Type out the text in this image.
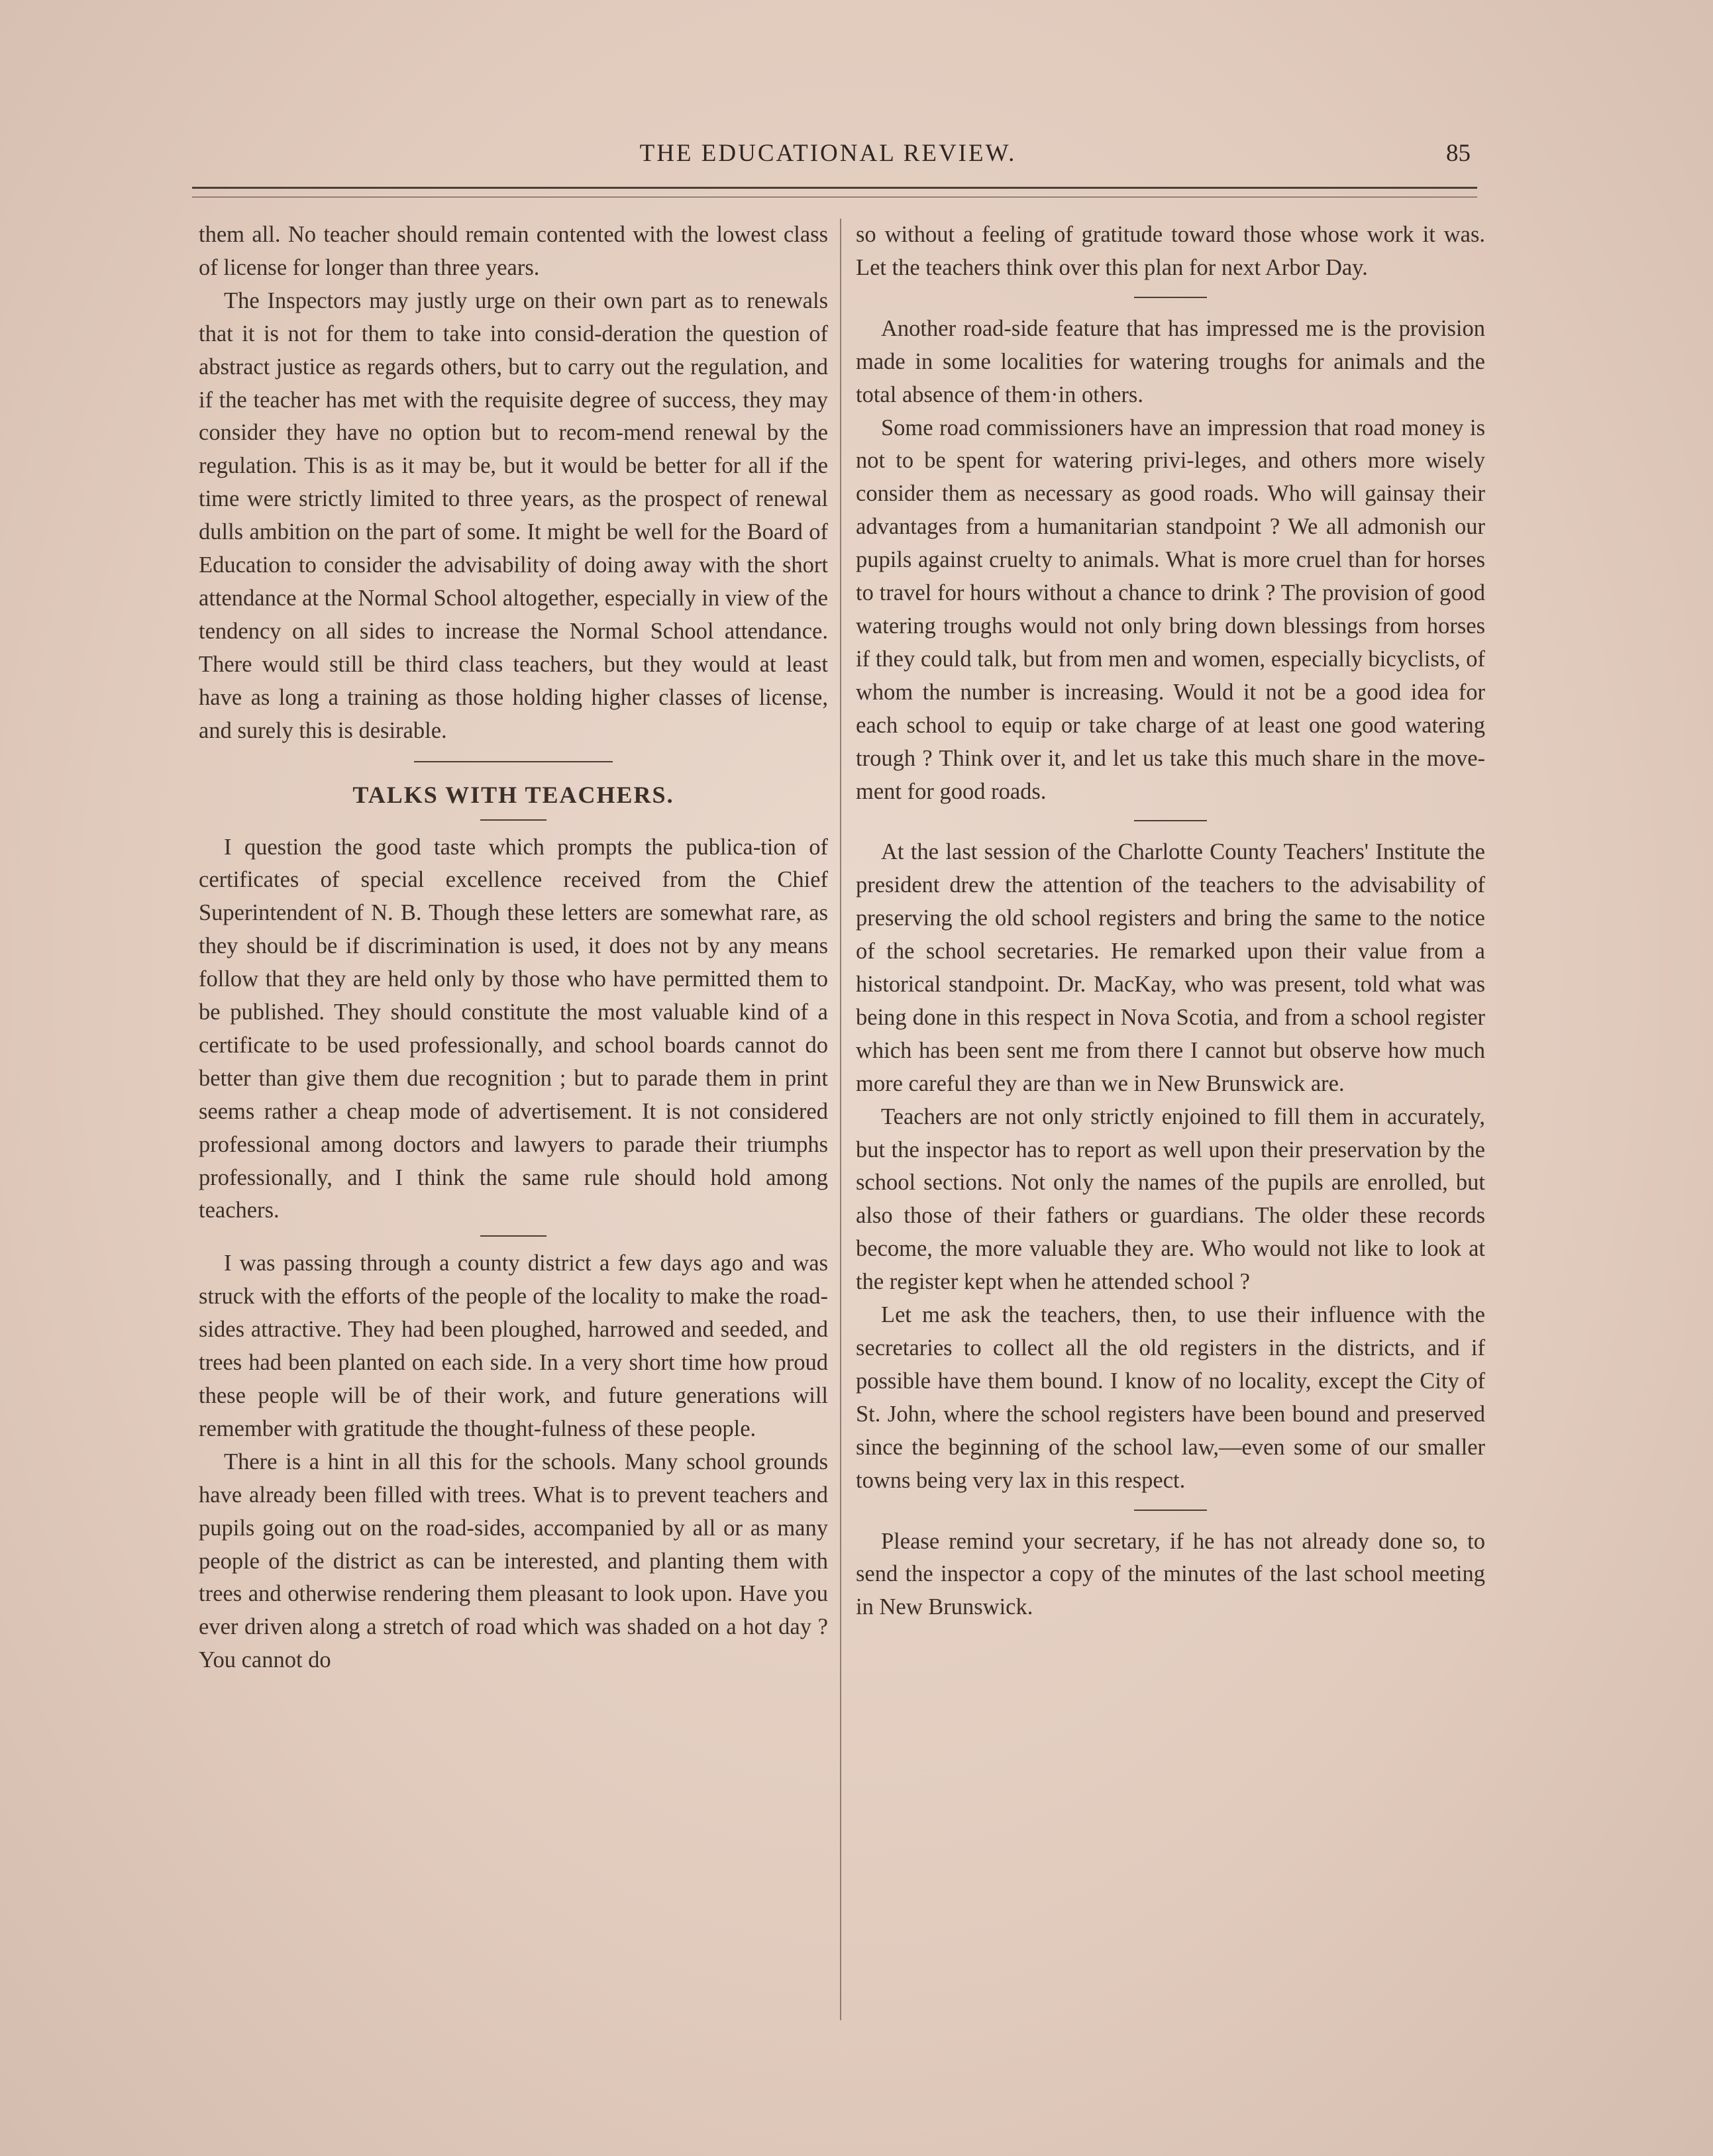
THE EDUCATIONAL REVIEW.	85

them all. No teacher should remain contented with the lowest class of license for longer than three years.

The Inspectors may justly urge on their own part as to renewals that it is not for them to take into consid-deration the question of abstract justice as regards others, but to carry out the regulation, and if the teacher has met with the requisite degree of success, they may consider they have no option but to recom-mend renewal by the regulation. This is as it may be, but it would be better for all if the time were strictly limited to three years, as the prospect of renewal dulls ambition on the part of some. It might be well for the Board of Education to consider the advisability of doing away with the short attendance at the Normal School altogether, especially in view of the tendency on all sides to increase the Normal School attendance. There would still be third class teachers, but they would at least have as long a training as those holding higher classes of license, and surely this is desirable.

TALKS WITH TEACHERS.

I question the good taste which prompts the publica-tion of certificates of special excellence received from the Chief Superintendent of N. B. Though these letters are somewhat rare, as they should be if discrimination is used, it does not by any means follow that they are held only by those who have permitted them to be published. They should constitute the most valuable kind of a certificate to be used professionally, and school boards cannot do better than give them due recognition ; but to parade them in print seems rather a cheap mode of advertisement. It is not considered professional among doctors and lawyers to parade their triumphs professionally, and I think the same rule should hold among teachers.

I was passing through a county district a few days ago and was struck with the efforts of the people of the locality to make the road-sides attractive. They had been ploughed, harrowed and seeded, and trees had been planted on each side. In a very short time how proud these people will be of their work, and future generations will remember with gratitude the thought-fulness of these people.

There is a hint in all this for the schools. Many school grounds have already been filled with trees. What is to prevent teachers and pupils going out on the road-sides, accompanied by all or as many people of the district as can be interested, and planting them with trees and otherwise rendering them pleasant to look upon. Have you ever driven along a stretch of road which was shaded on a hot day ? You cannot do

so without a feeling of gratitude toward those whose work it was. Let the teachers think over this plan for next Arbor Day.

Another road-side feature that has impressed me is the provision made in some localities for watering troughs for animals and the total absence of them·in others.

Some road commissioners have an impression that road money is not to be spent for watering privi-leges, and others more wisely consider them as necessary as good roads. Who will gainsay their advantages from a humanitarian standpoint ? We all admonish our pupils against cruelty to animals. What is more cruel than for horses to travel for hours without a chance to drink ? The provision of good watering troughs would not only bring down blessings from horses if they could talk, but from men and women, especially bicyclists, of whom the number is increasing. Would it not be a good idea for each school to equip or take charge of at least one good watering trough ? Think over it, and let us take this much share in the move-ment for good roads.

At the last session of the Charlotte County Teachers' Institute the president drew the attention of the teachers to the advisability of preserving the old school registers and bring the same to the notice of the school secretaries. He remarked upon their value from a historical standpoint. Dr. MacKay, who was present, told what was being done in this respect in Nova Scotia, and from a school register which has been sent me from there I cannot but observe how much more careful they are than we in New Brunswick are.

Teachers are not only strictly enjoined to fill them in accurately, but the inspector has to report as well upon their preservation by the school sections. Not only the names of the pupils are enrolled, but also those of their fathers or guardians. The older these records become, the more valuable they are. Who would not like to look at the register kept when he attended school ?

Let me ask the teachers, then, to use their influence with the secretaries to collect all the old registers in the districts, and if possible have them bound. I know of no locality, except the City of St. John, where the school registers have been bound and preserved since the beginning of the school law,—even some of our smaller towns being very lax in this respect.

Please remind your secretary, if he has not already done so, to send the inspector a copy of the minutes of the last school meeting in New Brunswick.
